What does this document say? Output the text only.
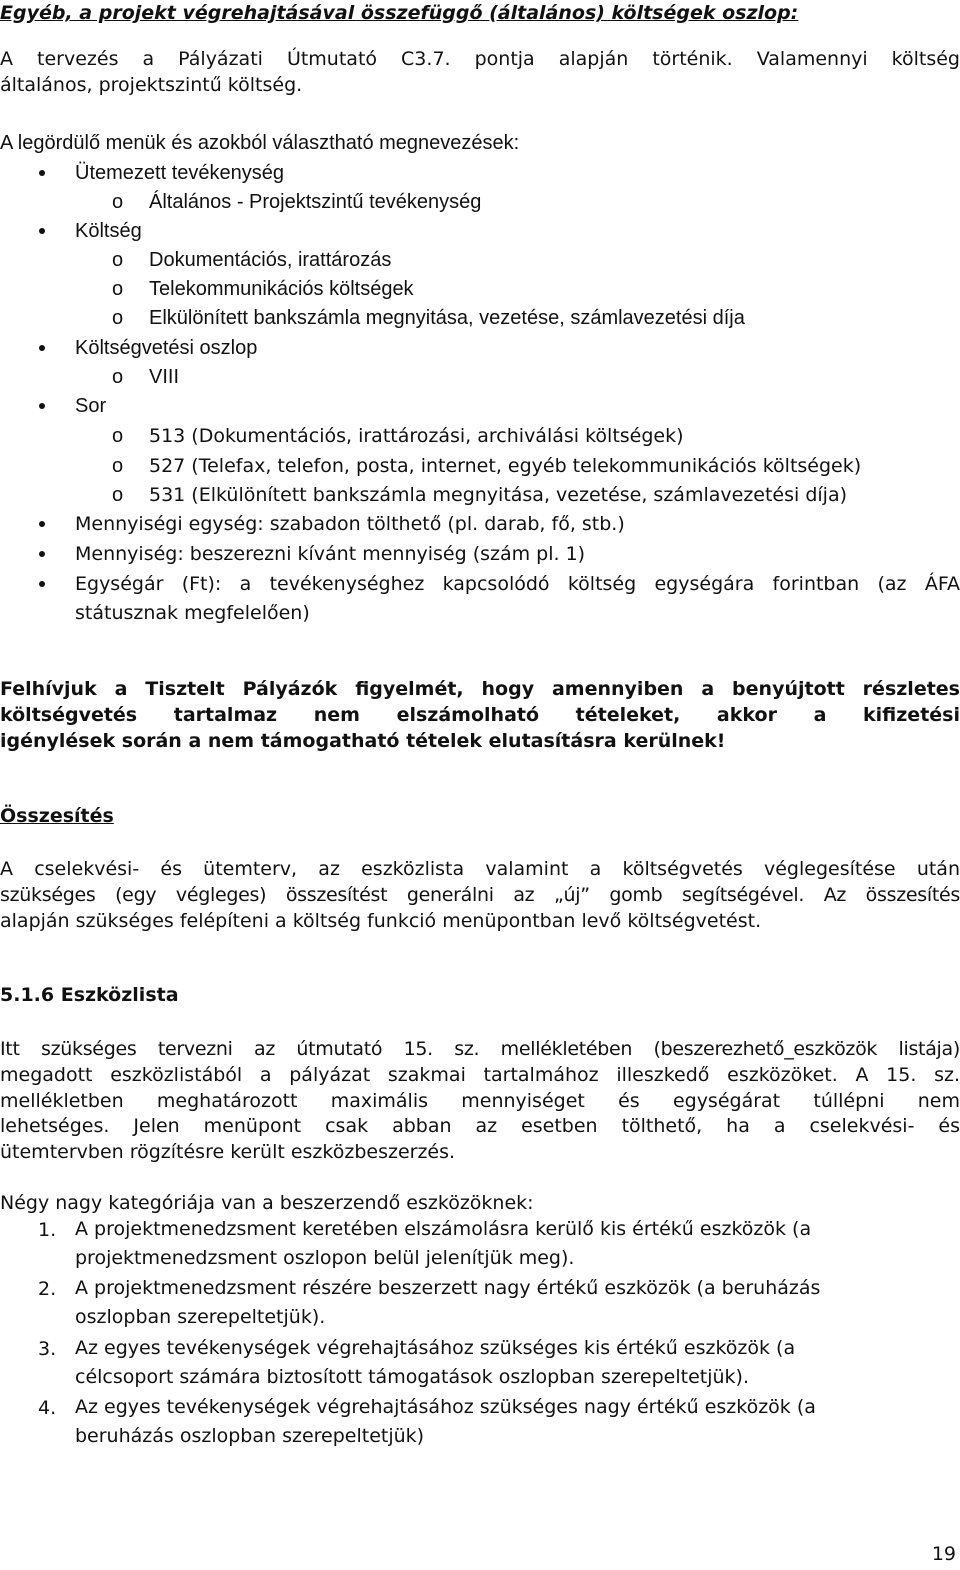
Egyéb, a projekt végrehajtásával összefüggő (általános) költségek oszlop:

A tervezés a Pályázati Útmutató C3.7. pontja alapján történik. Valamennyi költség
általános, projektszintű költség.
A legördülő menük és azokból választható megnevezések:
Ütemezett tevékenység
o Általános - Projektszintű tevékenység
Költség
o Dokumentációs, irattározás
o Telekommunikációs költségek
o Elkülönített bankszámla megnyitása, vezetése, számlavezetési díja
Költségvetési oszlop
o VIII
Sor
o 513 (Dokumentációs, irattározási, archiválási költségek)
o 527 (Telefax, telefon, posta, internet, egyéb telekommunikációs költségek)
o 531 (Elkülönített bankszámla megnyitása, vezetése, számlavezetési díja)
Mennyiségi egység: szabadon tölthető (pl. darab, fő, stb.)
Mennyiség: beszerezni kívánt mennyiség (szám pl. 1)
Egységár (Ft): a tevékenységhez kapcsolódó költség egységára forintban (az ÁFA
státusznak megfelelően)
Felhívjuk a Tisztelt Pályázók figyelmét, hogy amennyiben a benyújtott részletes
költségvetés tartalmaz nem elszámolható tételeket, akkor a kifizetési
igénylések során a nem támogatható tételek elutasításra kerülnek!
Összesítés
A cselekvési- és ütemterv, az eszközlista valamint a költségvetés véglegesítése után
szükséges (egy végleges) összesítést generálni az „új” gomb segítségével. Az összesítés
alapján szükséges felépíteni a költség funkció menüpontban levő költségvetést.
5.1.6 Eszközlista
Itt szükséges tervezni az útmutató 15. sz. mellékletében (beszerezhető_eszközök listája)
megadott eszközlistából a pályázat szakmai tartalmához illeszkedő eszközöket. A 15. sz.
mellékletben meghatározott maximális mennyiséget és egységárat túllépni nem
lehetséges. Jelen menüpont csak abban az esetben tölthető, ha a cselekvési- és
ütemtervben rögzítésre került eszközbeszerzés.
Négy nagy kategóriája van a beszerzendő eszközöknek:
1. A projektmenedzsment keretében elszámolásra kerülő kis értékű eszközök (a
projektmenedzsment oszlopon belül jelenítjük meg).
2. A projektmenedzsment részére beszerzett nagy értékű eszközök (a beruházás
oszlopban szerepeltetjük).
3. Az egyes tevékenységek végrehajtásához szükséges kis értékű eszközök (a
célcsoport számára biztosított támogatások oszlopban szerepeltetjük).
4. Az egyes tevékenységek végrehajtásához szükséges nagy értékű eszközök (a
beruházás oszlopban szerepeltetjük)
19
